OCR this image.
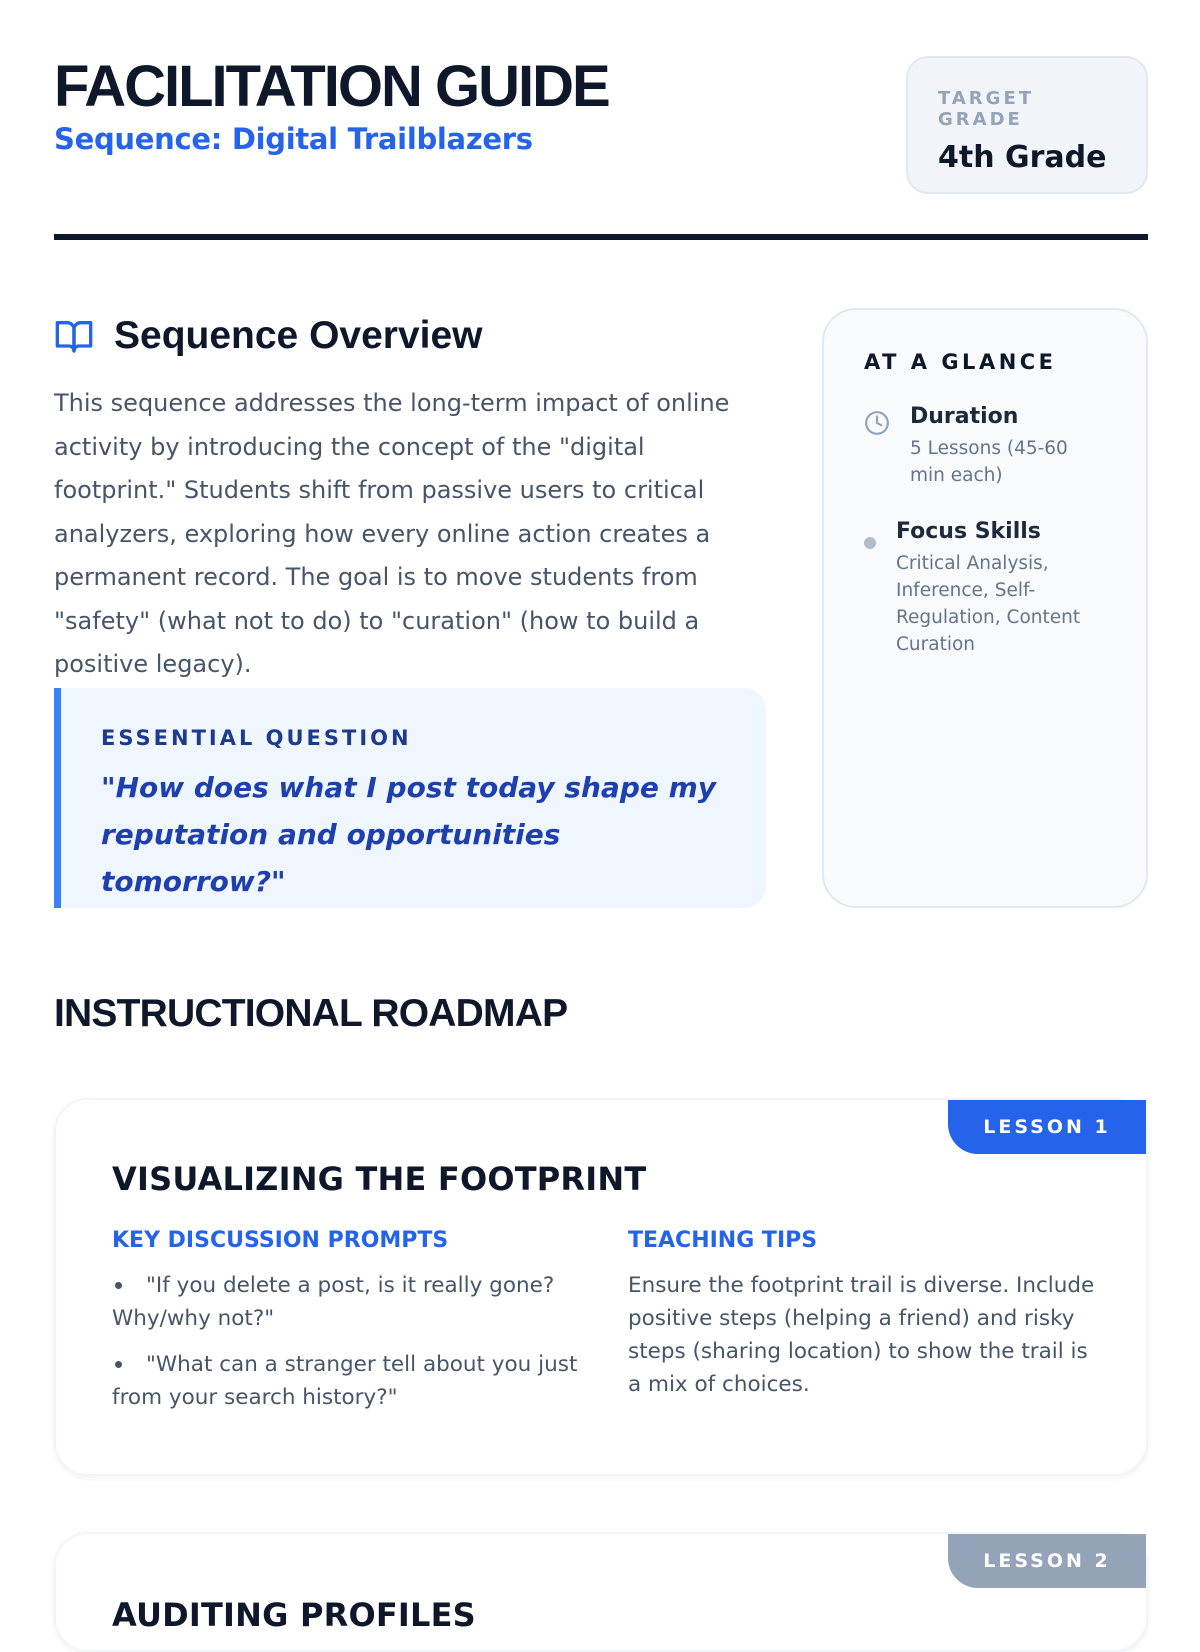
FACILITATION GUIDE
Sequence: Digital Trailblazers
TARGET GRADE
4th Grade
Sequence Overview

This sequence addresses the long-term impact of online activity by introducing the concept of the "digital footprint." Students shift from passive users to critical analyzers, exploring how every online action creates a permanent record. The goal is to move students from "safety" (what not to do) to "curation" (how to build a positive legacy).

ESSENTIAL QUESTION
"How does what I post today shape my reputation and opportunities tomorrow?"
AT A GLANCE
Duration
5 Lessons (45-60 min each)
Focus Skills
Critical Analysis, Inference, Self-Regulation, Content Curation
INSTRUCTIONAL ROADMAP
LESSON 1
VISUALIZING THE FOOTPRINT
KEY DISCUSSION PROMPTS
"If you delete a post, is it really gone? Why/why not?"
"What can a stranger tell about you just from your search history?"
TEACHING TIPS

Ensure the footprint trail is diverse. Include positive steps (helping a friend) and risky steps (sharing location) to show the trail is a mix of choices.

LESSON 2
AUDITING PROFILES
